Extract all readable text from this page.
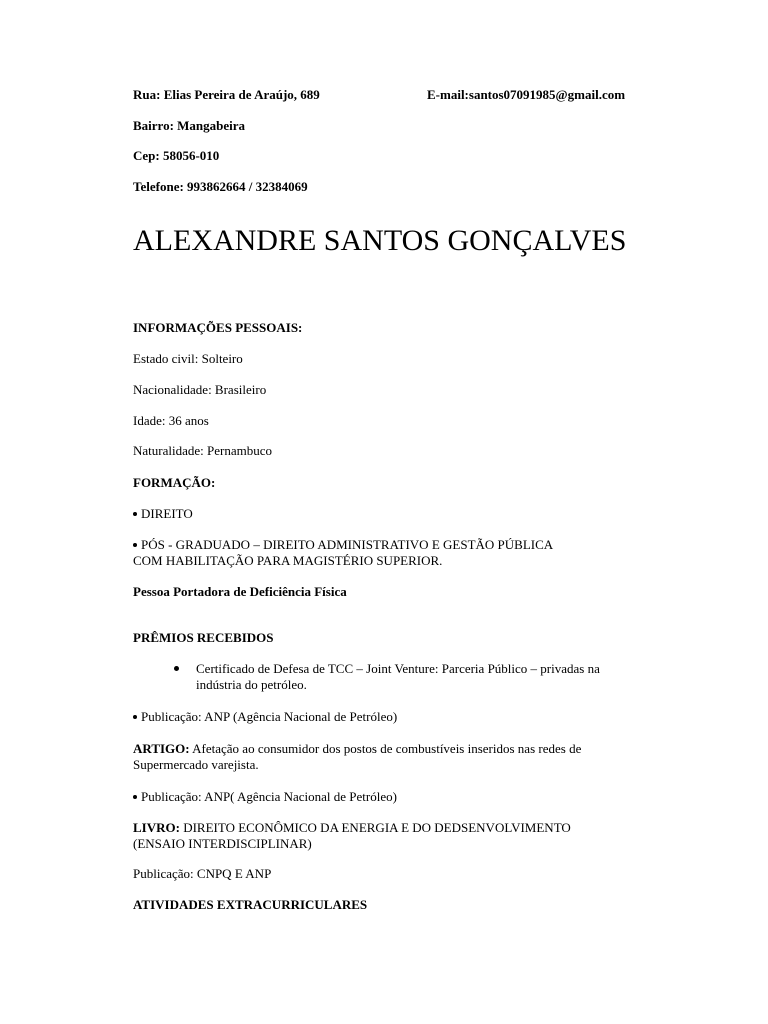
Rua: Elias Pereira de Araújo, 689	E-mail:santos07091985@gmail.com
Bairro: Mangabeira
Cep: 58056-010
Telefone: 993862664 / 32384069
ALEXANDRE SANTOS GONÇALVES
INFORMAÇÕES PESSOAIS:
Estado civil: Solteiro
Nacionalidade: Brasileiro
Idade: 36 anos
Naturalidade: Pernambuco
FORMAÇÃO:
DIREITO
PÓS - GRADUADO – DIREITO ADMINISTRATIVO E GESTÃO PÚBLICA
COM HABILITAÇÃO PARA MAGISTÉRIO SUPERIOR.
Pessoa Portadora de Deficiência Física
PRÊMIOS RECEBIDOS
Certificado de Defesa de TCC – Joint Venture: Parceria Público – privadas na
indústria do petróleo.
Publicação: ANP (Agência Nacional de Petróleo)
ARTIGO: Afetação ao consumidor dos postos de combustíveis inseridos nas redes de
Supermercado varejista.
Publicação: ANP( Agência Nacional de Petróleo)
LIVRO: DIREITO ECONÔMICO DA ENERGIA E DO DEDSENVOLVIMENTO
(ENSAIO INTERDISCIPLINAR)
Publicação: CNPQ E ANP
ATIVIDADES EXTRACURRICULARES
